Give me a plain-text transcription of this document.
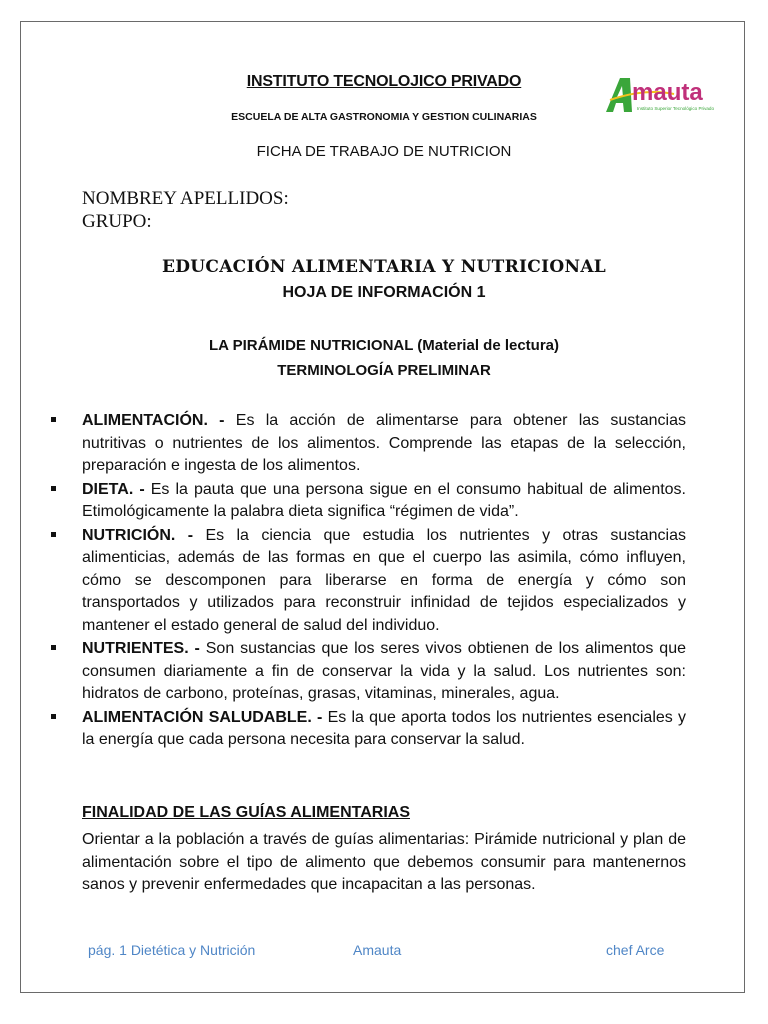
INSTITUTO TECNOLOJICO PRIVADO
ESCUELA DE ALTA GASTRONOMIA Y GESTION CULINARIAS
FICHA DE TRABAJO DE NUTRICION
mauta
Instituto Superior Tecnológico Privado
NOMBREY APELLIDOS:
GRUPO:
EDUCACIÓN ALIMENTARIA Y NUTRICIONAL
HOJA DE INFORMACIÓN 1
LA PIRÁMIDE NUTRICIONAL (Material de lectura)
TERMINOLOGÍA PRELIMINAR
ALIMENTACIÓN. - Es la acción de alimentarse para obtener las sustancias nutritivas o nutrientes de los alimentos. Comprende las etapas de la selección, preparación e ingesta de los alimentos.
DIETA. - Es la pauta que una persona sigue en el consumo habitual de alimentos. Etimológicamente la palabra dieta significa “régimen de vida”.
NUTRICIÓN. - Es la ciencia que estudia los nutrientes y otras sustancias alimenticias, además de las formas en que el cuerpo las asimila, cómo influyen, cómo se descomponen para liberarse en forma de energía y cómo son transportados y utilizados para reconstruir infinidad de tejidos especializados y mantener el estado general de salud del individuo.
NUTRIENTES. - Son sustancias que los seres vivos obtienen de los alimentos que consumen diariamente a fin de conservar la vida y la salud. Los nutrientes son: hidratos de carbono, proteínas, grasas, vitaminas, minerales, agua.
ALIMENTACIÓN SALUDABLE. - Es la que aporta todos los nutrientes esenciales y la energía que cada persona necesita para conservar la salud.
FINALIDAD DE LAS GUÍAS ALIMENTARIAS
Orientar a la población a través de guías alimentarias: Pirámide nutricional y plan de alimentación sobre el tipo de alimento que debemos consumir para mantenernos sanos y prevenir enfermedades que incapacitan a las personas.
pág. 1 Dietética y Nutrición	Amauta	chef Arce
